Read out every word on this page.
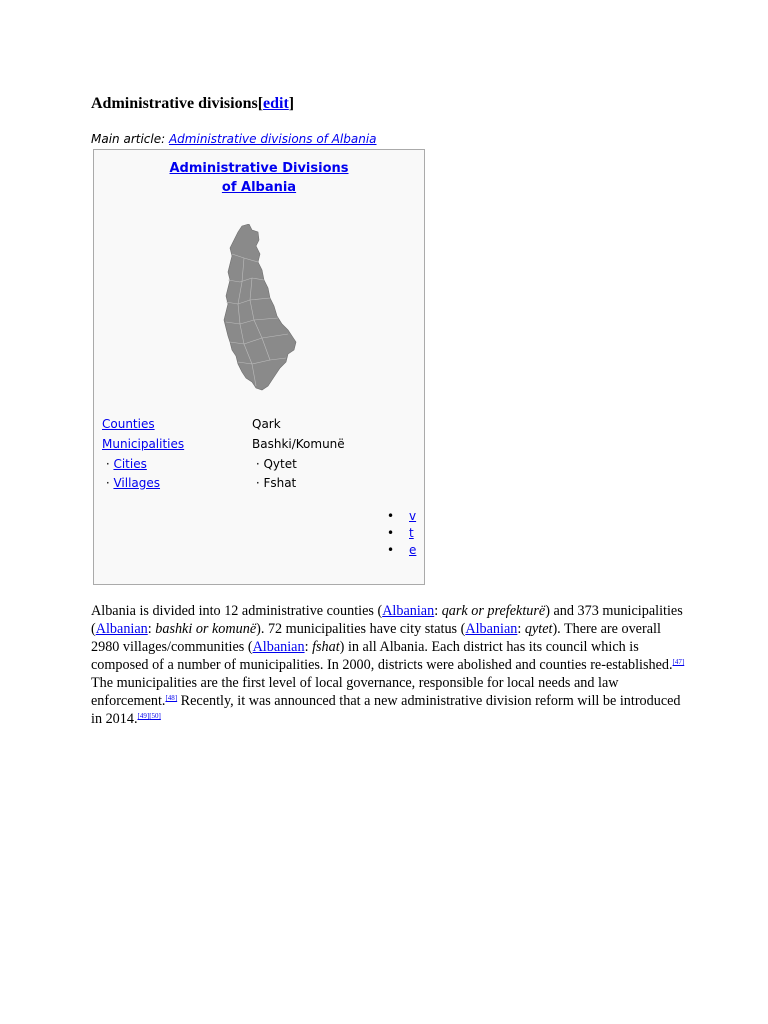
Administrative divisions[edit]
Main article: Administrative divisions of Albania
Administrative Divisions
of Albania
Counties	Qark
Municipalities	Bashki/Komunë
· Cities	· Qytet
· Villages	· Fshat
• v
• t
• e

Albania is divided into 12 administrative counties (Albanian: qark or prefekturë) and 373 municipalities (Albanian: bashki or komunë). 72 municipalities have city status (Albanian: qytet). There are overall 2980 villages/communities (Albanian: fshat) in all Albania. Each district has its council which is composed of a number of municipalities. In 2000, districts were abolished and counties re-established.[47] The municipalities are the first level of local governance, responsible for local needs and law enforcement.[48] Recently, it was announced that a new administrative division reform will be introduced in 2014.[49][50]
